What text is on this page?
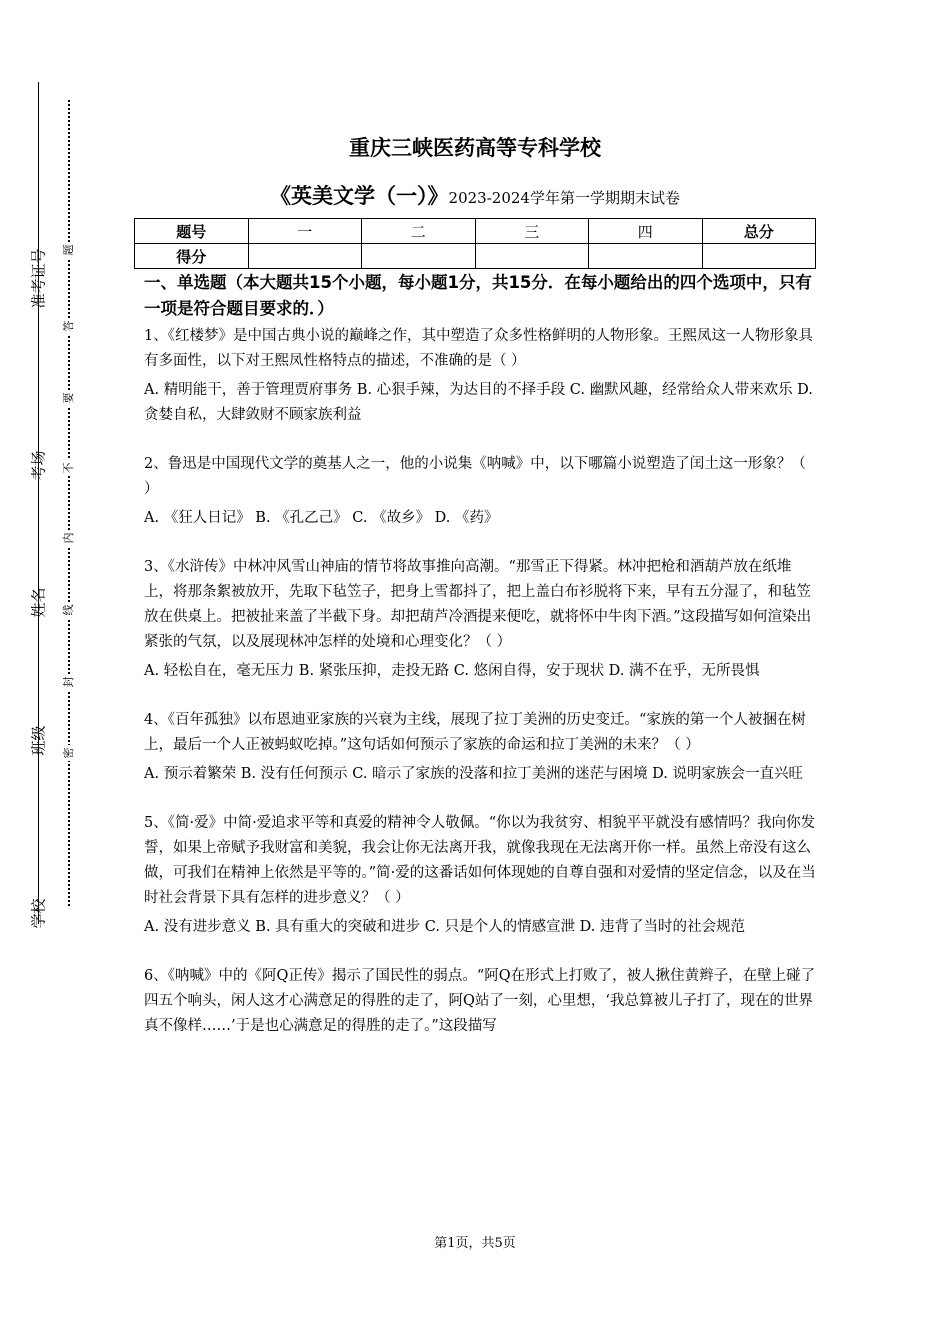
准考证号
考场
姓名
班级
学校
题
答
要
不
内
线
封
密
重庆三峡医药高等专科学校
《英美文学（一）》2023-2024学年第一学期期末试卷
题号	一	二	三	四	总分
得分					

一、单选题（本大题共15个小题，每小题1分，共15分．在每小题给出的四个选项中，只有一项是符合题目要求的．）

1、《红楼梦》是中国古典小说的巅峰之作，其中塑造了众多性格鲜明的人物形象。王熙凤这一人物形象具有多面性，以下对王熙凤性格特点的描述，不准确的是（ ）

A. 精明能干，善于管理贾府事务 B. 心狠手辣，为达目的不择手段 C. 幽默风趣，经常给众人带来欢乐 D. 贪婪自私，大肆敛财不顾家族利益

2、鲁迅是中国现代文学的奠基人之一，他的小说集《呐喊》中，以下哪篇小说塑造了闰土这一形象？（ ）

A. 《狂人日记》 B. 《孔乙己》 C. 《故乡》 D. 《药》

3、《水浒传》中林冲风雪山神庙的情节将故事推向高潮。“那雪正下得紧。林冲把枪和酒葫芦放在纸堆上，将那条絮被放开，先取下毡笠子，把身上雪都抖了，把上盖白布衫脱将下来，早有五分湿了，和毡笠放在供桌上。把被扯来盖了半截下身。却把葫芦冷酒提来便吃，就将怀中牛肉下酒。”这段描写如何渲染出紧张的气氛，以及展现林冲怎样的处境和心理变化？（ ）

A. 轻松自在，毫无压力 B. 紧张压抑，走投无路 C. 悠闲自得，安于现状 D. 满不在乎，无所畏惧

4、《百年孤独》以布恩迪亚家族的兴衰为主线，展现了拉丁美洲的历史变迁。“家族的第一个人被捆在树上，最后一个人正被蚂蚁吃掉。”这句话如何预示了家族的命运和拉丁美洲的未来？（ ）

A. 预示着繁荣 B. 没有任何预示 C. 暗示了家族的没落和拉丁美洲的迷茫与困境 D. 说明家族会一直兴旺

5、《简·爱》中简·爱追求平等和真爱的精神令人敬佩。“你以为我贫穷、相貌平平就没有感情吗？我向你发誓，如果上帝赋予我财富和美貌，我会让你无法离开我，就像我现在无法离开你一样。虽然上帝没有这么做，可我们在精神上依然是平等的。”简·爱的这番话如何体现她的自尊自强和对爱情的坚定信念，以及在当时社会背景下具有怎样的进步意义？（ ）

A. 没有进步意义 B. 具有重大的突破和进步 C. 只是个人的情感宣泄 D. 违背了当时的社会规范

6、《呐喊》中的《阿Q正传》揭示了国民性的弱点。“阿Q在形式上打败了，被人揪住黄辫子，在壁上碰了四五个响头，闲人这才心满意足的得胜的走了，阿Q站了一刻，心里想，‘我总算被儿子打了，现在的世界真不像样……’于是也心满意足的得胜的走了。”这段描写

第1页，共5页
